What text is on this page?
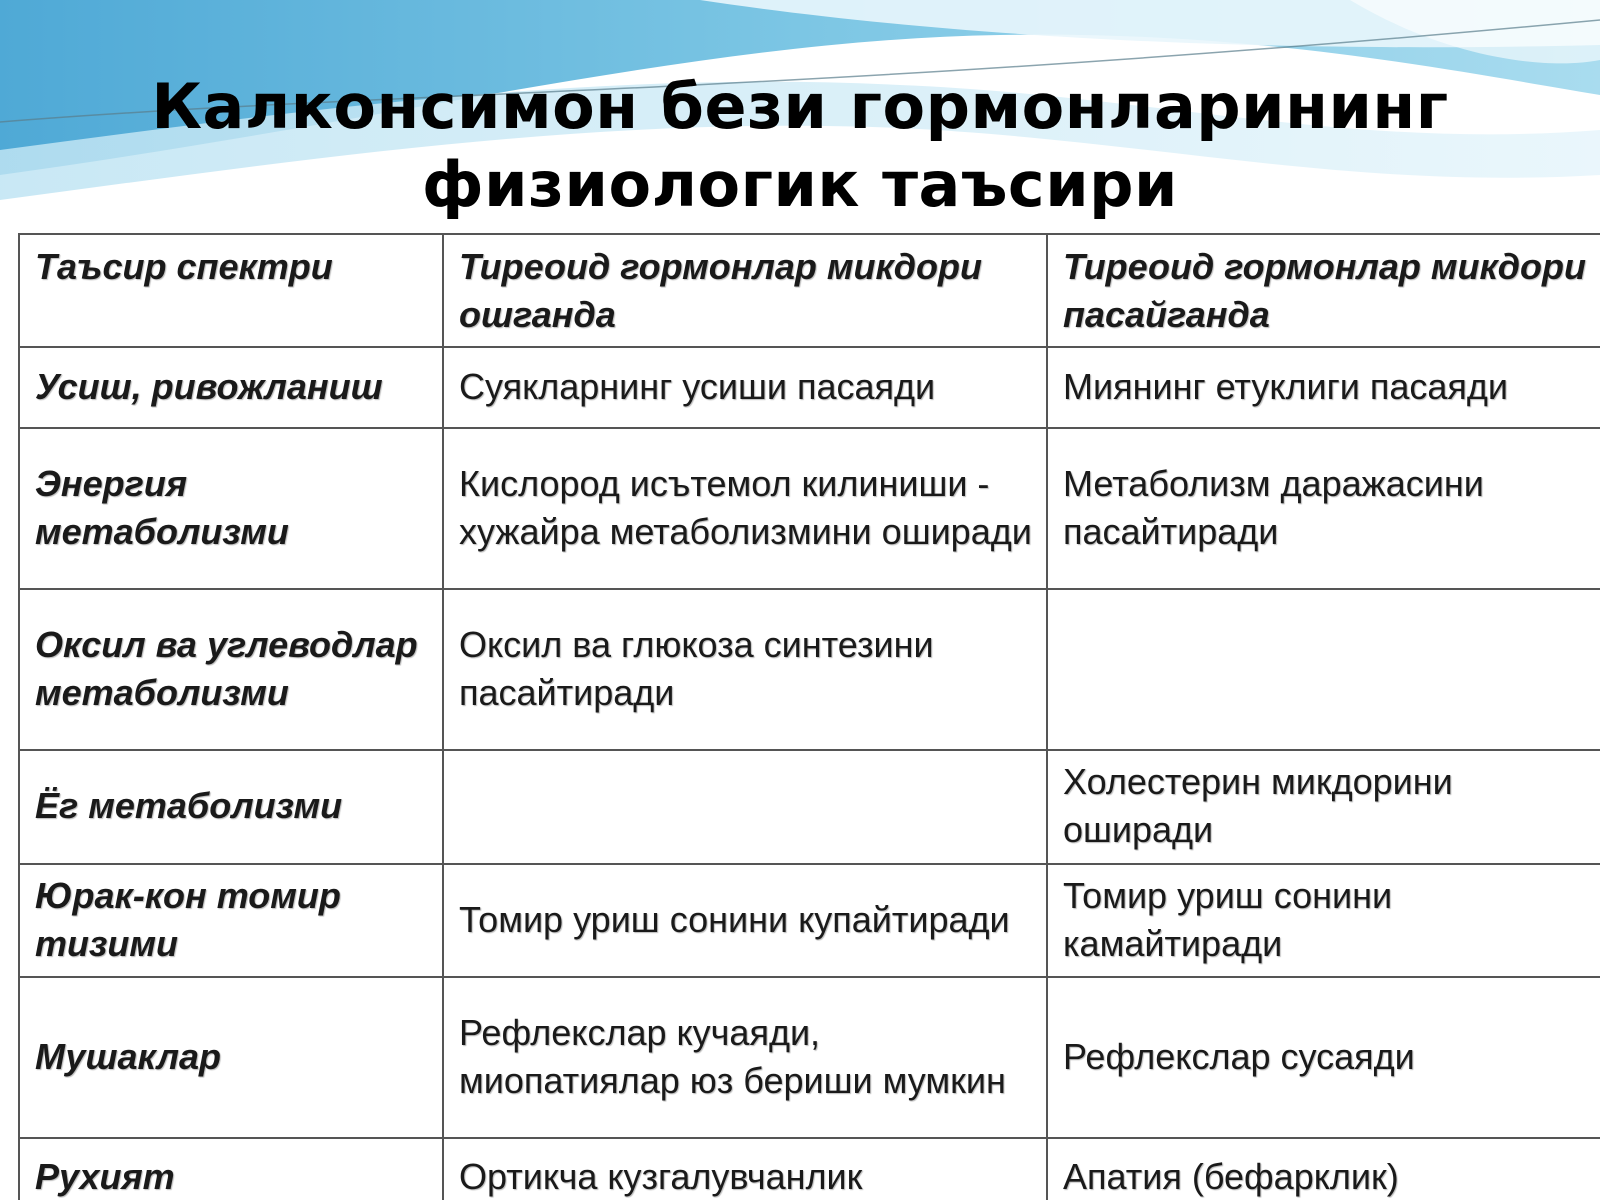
Калконсимон бези гормонларининг
физиологик таъсири
Таъсир спектри	Тиреоид гормонлар микдори ошганда	Тиреоид гормонлар микдори пасайганда
Усиш, ривожланиш	Суякларнинг усиши пасаяди	Миянинг етуклиги пасаяди
Энергия метаболизми	Кислород исътемол килиниши - хужайра метаболизмини оширади	Метаболизм даражасини пасайтиради
Оксил ва углеводлар метаболизми	Оксил ва глюкоза синтезини пасайтиради	
Ёг метаболизми		Холестерин микдорини оширади
Юрак-кон томир тизими	Томир уриш сонини купайтиради	Томир уриш сонини камайтиради
Мушаклар	Рефлекслар кучаяди, миопатиялар юз бериши мумкин	Рефлекслар сусаяди
Рухият	Ортикча кузгалувчанлик	Апатия (бефарклик)
